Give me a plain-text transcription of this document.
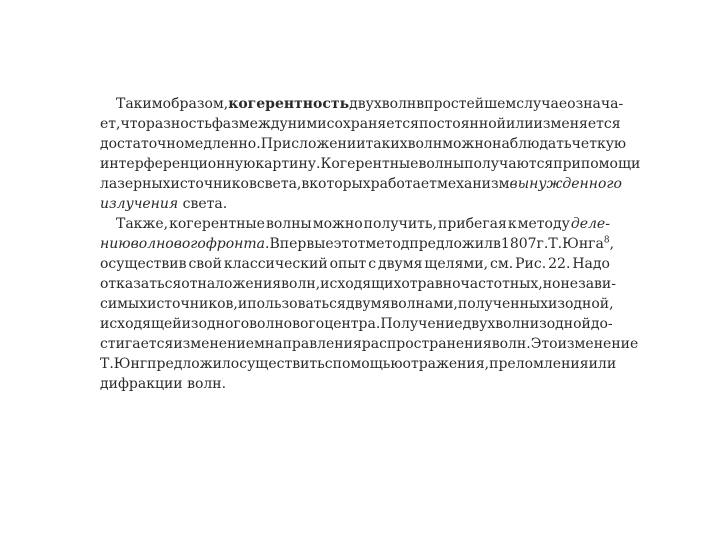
Таким образом, когерентность двух волн в простейшем случае означа-
ет, что разность фаз между ними сохраняется постоянной или изменяется
достаточно медленно. При сложении таких волн можно наблюдать четкую
интерференционную картину. Когерентные волны получаются при помощи
лазерных источников света, в которых работает механизм вынужденного
излучения света.
Также, когерентные волны можно получить, прибегая к методу деле-
нию волнового фронта. Впервые этот метод предложил в 1807 г. Т. Юнга$^8$,
осуществив свой классический опыт с двумя щелями, см. Рис. 22. Надо
отказаться от наложения волн, исходящих от равночастотных, но незави-
симых источников, и пользоваться двумя волнами, полученных из одной,
исходящей из одного волнового центра. Получение двух волн из одной до-
стигается изменением направления распространения волн. Это изменение
Т. Юнг предложил осуществить с помощью отражения, преломления или
дифракции волн.
